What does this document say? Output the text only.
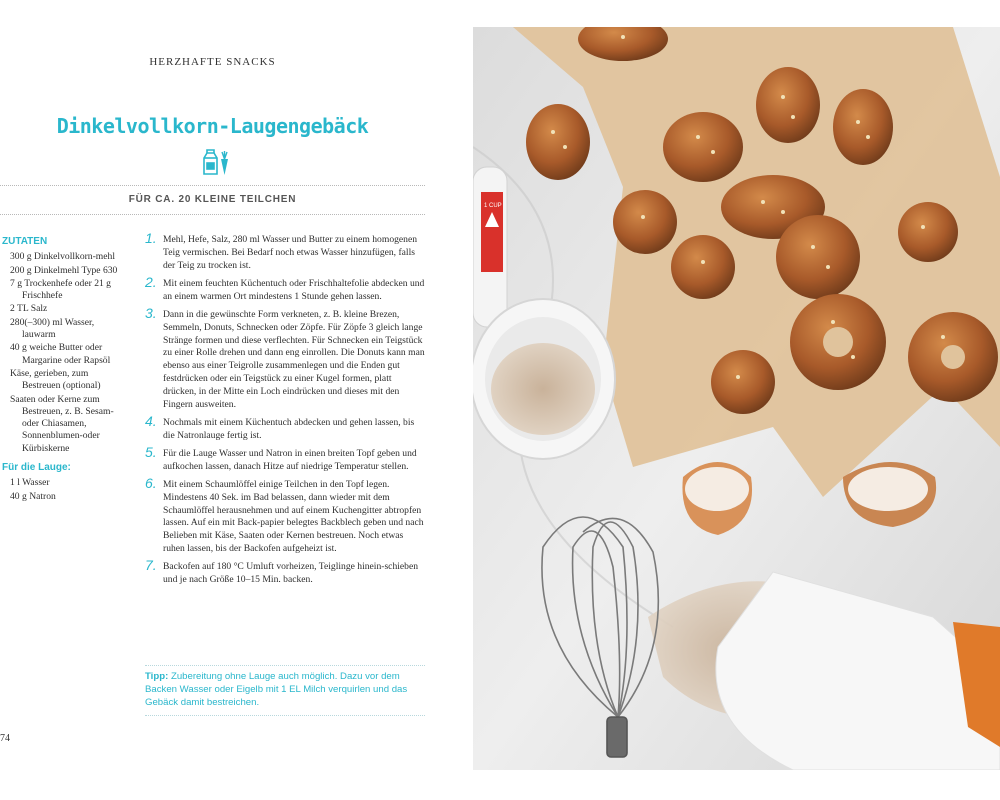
HERZHAFTE SNACKS
Dinkelvollkorn-Laugengebäck
FÜR CA. 20 KLEINE TEILCHEN
ZUTATEN
300 g Dinkelvollkorn-mehl
200 g Dinkelmehl Type 630
7 g Trockenhefe oder 21 g Frischhefe
2 TL Salz
280(–300) ml Wasser, lauwarm
40 g weiche Butter oder Margarine oder Rapsöl
Käse, gerieben, zum Bestreuen (optional)
Saaten oder Kerne zum Bestreuen, z. B. Sesam- oder Chiasamen, Sonnenblumen-oder Kürbiskerne
Für die Lauge:
1 l Wasser
40 g Natron
1. Mehl, Hefe, Salz, 280 ml Wasser und Butter zu einem homogenen Teig vermischen. Bei Bedarf noch etwas Wasser hinzufügen, falls der Teig zu trocken ist.
2. Mit einem feuchten Küchentuch oder Frischhaltefolie abdecken und an einem warmen Ort mindestens 1 Stunde gehen lassen.
3. Dann in die gewünschte Form verkneten, z. B. kleine Brezen, Semmeln, Donuts, Schnecken oder Zöpfe. Für Zöpfe 3 gleich lange Stränge formen und diese verflechten. Für Schnecken ein Teigstück zu einer Rolle drehen und dann eng einrollen. Die Donuts kann man ebenso aus einer Teigrolle zusammenlegen und die Enden gut festdrücken oder ein Teigstück zu einer Kugel formen, platt drücken, in der Mitte ein Loch eindrücken und dieses mit den Fingern ausweiten.
4. Nochmals mit einem Küchentuch abdecken und gehen lassen, bis die Natronlauge fertig ist.
5. Für die Lauge Wasser und Natron in einen breiten Topf geben und aufkochen lassen, danach Hitze auf niedrige Temperatur stellen.
6. Mit einem Schaumlöffel einige Teilchen in den Topf legen. Mindestens 40 Sek. im Bad belassen, dann wieder mit dem Schaumlöffel herausnehmen und auf einem Kuchengitter abtropfen lassen. Auf ein mit Back-papier belegtes Backblech geben und nach Belieben mit Käse, Saaten oder Kernen bestreuen. Noch etwas ruhen lassen, bis der Backofen aufgeheizt ist.
7. Backofen auf 180 °C Umluft vorheizen, Teiglinge hinein-schieben und je nach Größe 10–15 Min. backen.
Tipp: Zubereitung ohne Lauge auch möglich. Dazu vor dem Backen Wasser oder Eigelb mit 1 EL Milch verquirlen und das Gebäck damit bestreichen.
74
1 CUP
